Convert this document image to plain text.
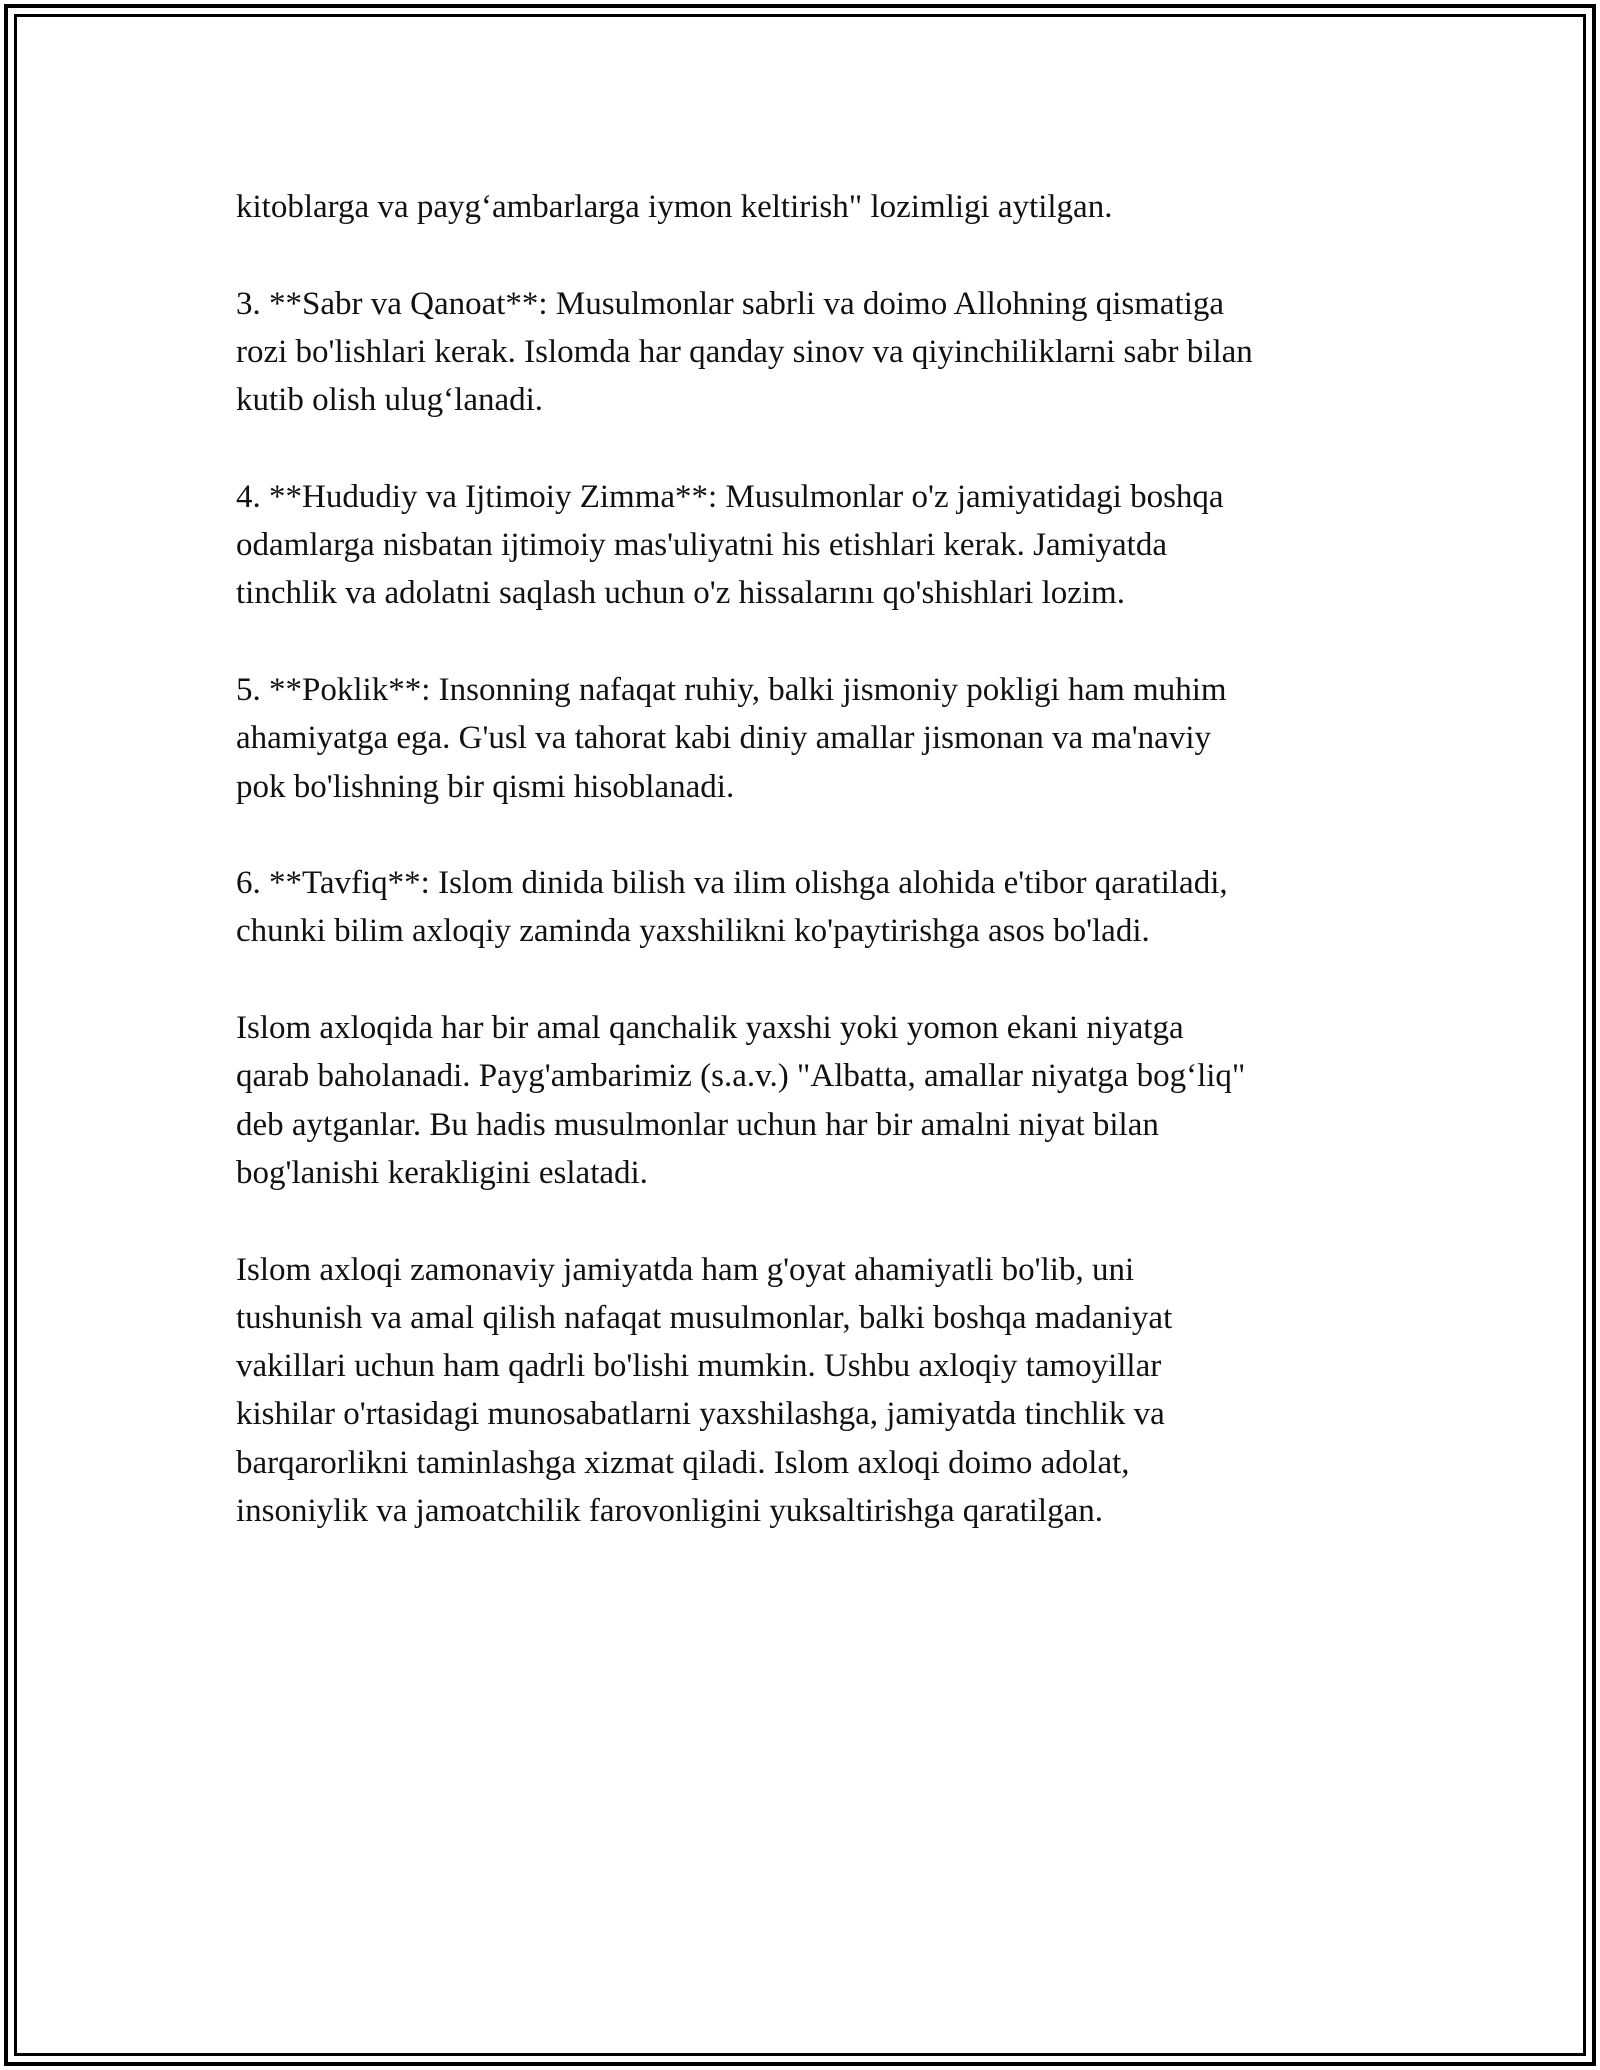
kitoblarga va payg‘ambarlarga iymon keltirish" lozimligi aytilgan.

3. **Sabr va Qanoat**: Musulmonlar sabrli va doimo Allohning qismatiga
rozi bo'lishlari kerak. Islomda har qanday sinov va qiyinchiliklarni sabr bilan
kutib olish ulug‘lanadi.

4. **Hududiy va Ijtimoiy Zimma**: Musulmonlar o'z jamiyatidagi boshqa
odamlarga nisbatan ijtimoiy mas'uliyatni his etishlari kerak. Jamiyatda
tinchlik va adolatni saqlash uchun o'z hissalarını qo'shishlari lozim.

5. **Poklik**: Insonning nafaqat ruhiy, balki jismoniy pokligi ham muhim
ahamiyatga ega. G'usl va tahorat kabi diniy amallar jismonan va ma'naviy
pok bo'lishning bir qismi hisoblanadi.

6. **Tavfiq**: Islom dinida bilish va ilim olishga alohida e'tibor qaratiladi,
chunki bilim axloqiy zaminda yaxshilikni ko'paytirishga asos bo'ladi.

Islom axloqida har bir amal qanchalik yaxshi yoki yomon ekani niyatga
qarab baholanadi. Payg'ambarimiz (s.a.v.) "Albatta, amallar niyatga bog‘liq"
deb aytganlar. Bu hadis musulmonlar uchun har bir amalni niyat bilan
bog'lanishi kerakligini eslatadi.

Islom axloqi zamonaviy jamiyatda ham g'oyat ahamiyatli bo'lib, uni
tushunish va amal qilish nafaqat musulmonlar, balki boshqa madaniyat
vakillari uchun ham qadrli bo'lishi mumkin. Ushbu axloqiy tamoyillar
kishilar o'rtasidagi munosabatlarni yaxshilashga, jamiyatda tinchlik va
barqarorlikni taminlashga xizmat qiladi. Islom axloqi doimo adolat,
insoniylik va jamoatchilik farovonligini yuksaltirishga qaratilgan.
